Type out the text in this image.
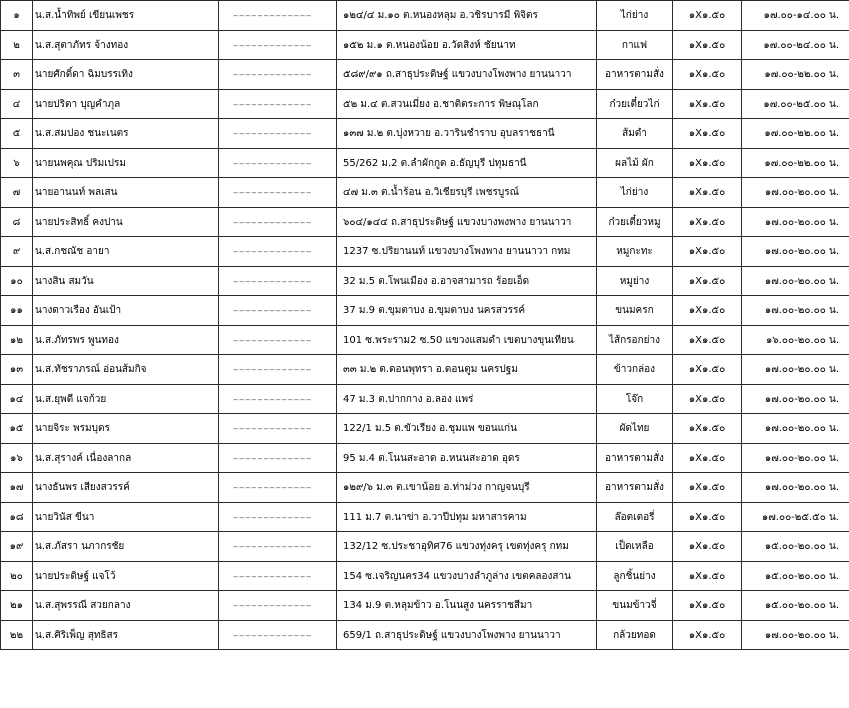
๑	น.ส.น้ำทิพย์ เขียนเพชร	‒‒‒‒‒‒‒‒‒‒‒‒‒	๑๒๔/๔ ม.๑๐ ต.หนองหลุม อ.วชิรบารมี พิจิตร	ไก่ย่าง	๑X๑.๕๐	๑๗.๐๐-๑๔.๐๐ น.
๒	น.ส.สุตาภัทร จ้างทอง	‒‒‒‒‒‒‒‒‒‒‒‒‒	๑๕๒ ม.๑ ต.หนองน้อย อ.วัดสิงห์ ชัยนาท	กาแฟ	๑X๑.๕๐	๑๗.๐๐-๒๔.๐๐ น.
๓	นายศักดิ์ดา ฉิมบรรเทิง	‒‒‒‒‒‒‒‒‒‒‒‒‒	๕๘๙/๙๑ ถ.สาธุประดิษฐ์ แขวงบางโพงพาง ยานนาวา	อาหารตามสั่ง	๑X๑.๕๐	๑๗.๐๐-๒๒.๐๐ น.
๔	นายปริตา บุญคำภุล	‒‒‒‒‒‒‒‒‒‒‒‒‒	๕๒ ม.๔ ต.สวนเมี่ยง อ.ชาติตระการ พิษณุโลก	ก๋วยเตี๋ยวไก่	๑X๑.๕๐	๑๗.๐๐-๒๕.๐๐ น.
๕	น.ส.สมปอง ชนะเนตร	‒‒‒‒‒‒‒‒‒‒‒‒‒	๑๓๗ ม.๒ ต.บุ่งหวาย อ.วารินชำราบ อุบลราชธานี	ส้มตำ	๑X๑.๕๐	๑๗.๐๐-๒๒.๐๐ น.
๖	นายนพคุณ ปริมเปรม	‒‒‒‒‒‒‒‒‒‒‒‒‒	55/262 ม.2 ต.ลำผักกูด อ.ธัญบุรี ปทุมธานี	ผลไม้ ผัก	๑X๑.๕๐	๑๗.๐๐-๒๒.๐๐ น.
๗	นายอานนท์ พลเสน	‒‒‒‒‒‒‒‒‒‒‒‒‒	๔๗ ม.๓ ต.น้ำร้อน อ.วิเชียรบุรี เพชรบูรณ์	ไก่ย่าง	๑X๑.๕๐	๑๗.๐๐-๒๐.๐๐ น.
๘	นายประสิทธิ์ คงปาน	‒‒‒‒‒‒‒‒‒‒‒‒‒	๖๐๔/๑๔๔ ถ.สาธุประดิษฐ์ แขวงบางพงพาง ยานนาวา	ก๋วยเตี๋ยวหมู	๑X๑.๕๐	๑๗.๐๐-๒๐.๐๐ น.
๙	น.ส.กชณัช อายา	‒‒‒‒‒‒‒‒‒‒‒‒‒	1237 ซ.ปริยานนท์ แขวงบางโพงพาง ยานนาวา กทม	หมูกะทะ	๑X๑.๕๐	๑๗.๐๐-๒๐.๐๐ น.
๑๐	นางสิน สมวัน	‒‒‒‒‒‒‒‒‒‒‒‒‒	32 ม.5 ต.โพนเมือง อ.อาจสามารถ ร้อยเอ็ด	หมูย่าง	๑X๑.๕๐	๑๗.๐๐-๒๐.๐๐ น.
๑๑	นางดาวเรือง อันเป้า	‒‒‒‒‒‒‒‒‒‒‒‒‒	37 ม.9 ต.ขุมตาบง อ.ขุมตาบง นครสวรรค์	ขนมครก	๑X๑.๕๐	๑๗.๐๐-๒๐.๐๐ น.
๑๒	น.ส.ภัทรพร พูนทอง	‒‒‒‒‒‒‒‒‒‒‒‒‒	101 ซ.พระราม2 ซ.50 แขวงแสมดำ เขตบางขุนเทียน	ไส้กรอกย่าง	๑X๑.๕๐	๑๖.๐๐-๒๐.๐๐ น.
๑๓	น.ส.ทัชราภรณ์ อ่อนส้มกิจ	‒‒‒‒‒‒‒‒‒‒‒‒‒	๓๓ ม.๒ ต.ดอนพุทรา อ.ดอนตูม นครปฐม	ข้าวกล่อง	๑X๑.๕๐	๑๗.๐๐-๒๐.๐๐ น.
๑๔	น.ส.ยุพดี แจก้วย	‒‒‒‒‒‒‒‒‒‒‒‒‒	47 ม.3 ต.ปากกาง อ.ลอง แพร่	โจ๊ก	๑X๑.๕๐	๑๗.๐๐-๒๐.๐๐ น.
๑๕	นายจิระ พรมบุตร	‒‒‒‒‒‒‒‒‒‒‒‒‒	122/1 ม.5 ต.ขัวเรียง อ.ชุมแพ ขอนแก่น	ผัดไทย	๑X๑.๕๐	๑๗.๐๐-๒๐.๐๐ น.
๑๖	น.ส.สุรางค์ เนื่องลากล	‒‒‒‒‒‒‒‒‒‒‒‒‒	95 ม.4 ต.โนนสะอาด อ.หนนสะอาด อุดร	อาหารตามสั่ง	๑X๑.๕๐	๑๗.๐๐-๒๐.๐๐ น.
๑๗	นางธันพร เสียงสวรรค์	‒‒‒‒‒‒‒‒‒‒‒‒‒	๑๒๙/๖ ม.๓ ต.เขาน้อย อ.ท่าม่วง กาญจนบุรี	อาหารตามสั่ง	๑X๑.๕๐	๑๗.๐๐-๒๐.๐๐ น.
๑๘	นายวินัส ขีนา	‒‒‒‒‒‒‒‒‒‒‒‒‒	111 ม.7 ต.นาข่า อ.วาปีปทุม มหาสารคาม	ล๊อตเตอรี่	๑X๑.๕๐	๑๗.๐๐-๒๕.๕๐ น.
๑๙	น.ส.ภัสรา นภากรชัย	‒‒‒‒‒‒‒‒‒‒‒‒‒	132/12 ซ.ประชาอุทิศ76 แขวงทุ่งครุ เขตทุ่งครุ กทม	เป็ดเหลือ	๑X๑.๕๐	๑๕.๐๐-๒๐.๐๐ น.
๒๐	นายประดิษฐ์ แจโว้	‒‒‒‒‒‒‒‒‒‒‒‒‒	154 ซ.เจริญนคร34 แขวงบางลำภูล่าง เขตคลองสาน	ลูกชิ้นย่าง	๑X๑.๕๐	๑๕.๐๐-๒๐.๐๐ น.
๒๑	น.ส.สุพรรณี สวยกลาง	‒‒‒‒‒‒‒‒‒‒‒‒‒	134 ม.9 ต.หลุมข้าว อ.โนนสูง นครราชสีมา	ขนมข้าวจี่	๑X๑.๕๐	๑๕.๐๐-๒๐.๐๐ น.
๒๒	น.ส.ศิริเพ็ญ สุทธิสร	‒‒‒‒‒‒‒‒‒‒‒‒‒	659/1 ถ.สาธุประดิษฐ์ แขวงบางโพงพาง ยานนาวา	กล้วยทอด	๑X๑.๕๐	๑๗.๐๐-๒๐.๐๐ น.
